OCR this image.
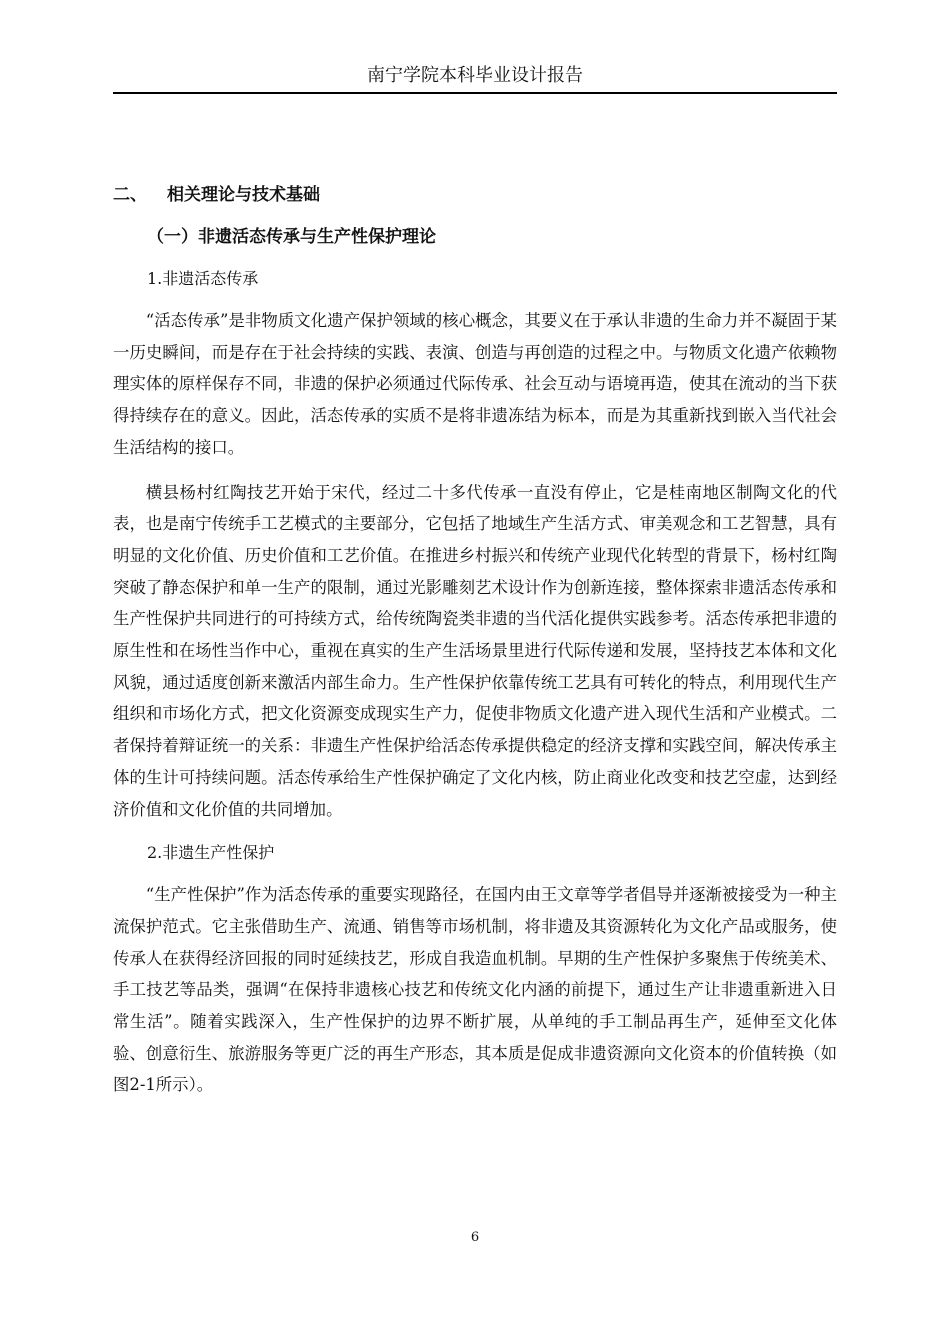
南宁学院本科毕业设计报告
二、 相关理论与技术基础
（一）非遗活态传承与生产性保护理论
1.非遗活态传承

“活态传承”是非物质文化遗产保护领域的核心概念，其要义在于承认非遗的生命力并不凝固于某一历史瞬间，而是存在于社会持续的实践、表演、创造与再创造的过程之中。与物质文化遗产依赖物理实体的原样保存不同，非遗的保护必须通过代际传承、社会互动与语境再造，使其在流动的当下获得持续存在的意义。因此，活态传承的实质不是将非遗冻结为标本，而是为其重新找到嵌入当代社会生活结构的接口。

横县杨村红陶技艺开始于宋代，经过二十多代传承一直没有停止，它是桂南地区制陶文化的代表，也是南宁传统手工艺模式的主要部分，它包括了地域生产生活方式、审美观念和工艺智慧，具有明显的文化价值、历史价值和工艺价值。在推进乡村振兴和传统产业现代化转型的背景下，杨村红陶突破了静态保护和单一生产的限制，通过光影雕刻艺术设计作为创新连接，整体探索非遗活态传承和生产性保护共同进行的可持续方式，给传统陶瓷类非遗的当代活化提供实践参考。活态传承把非遗的原生性和在场性当作中心，重视在真实的生产生活场景里进行代际传递和发展，坚持技艺本体和文化风貌，通过适度创新来激活内部生命力。生产性保护依靠传统工艺具有可转化的特点，利用现代生产组织和市场化方式，把文化资源变成现实生产力，促使非物质文化遗产进入现代生活和产业模式。二者保持着辩证统一的关系：非遗生产性保护给活态传承提供稳定的经济支撑和实践空间，解决传承主体的生计可持续问题。活态传承给生产性保护确定了文化内核，防止商业化改变和技艺空虚，达到经济价值和文化价值的共同增加。

2.非遗生产性保护

“生产性保护”作为活态传承的重要实现路径，在国内由王文章等学者倡导并逐渐被接受为一种主流保护范式。它主张借助生产、流通、销售等市场机制，将非遗及其资源转化为文化产品或服务，使传承人在获得经济回报的同时延续技艺，形成自我造血机制。早期的生产性保护多聚焦于传统美术、手工技艺等品类，强调“在保持非遗核心技艺和传统文化内涵的前提下，通过生产让非遗重新进入日常生活”。随着实践深入，生产性保护的边界不断扩展，从单纯的手工制品再生产，延伸至文化体验、创意衍生、旅游服务等更广泛的再生产形态，其本质是促成非遗资源向文化资本的价值转换（如图2-1所示）。

6
